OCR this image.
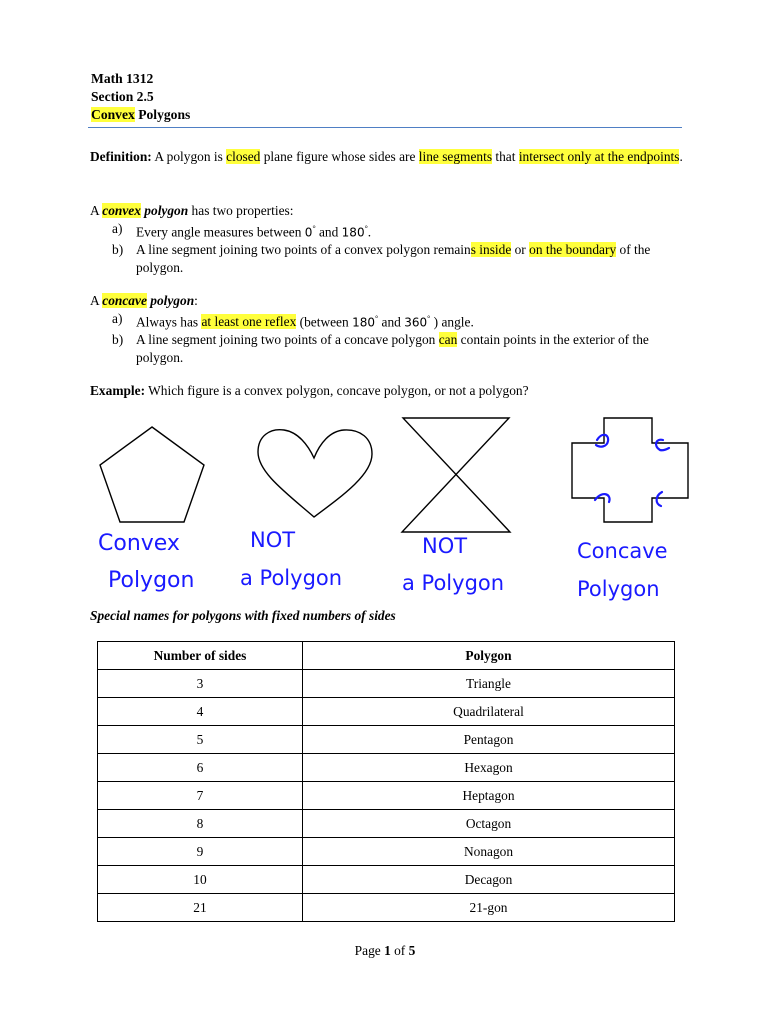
Math 1312
Section 2.5
Convex Polygons

Definition: A polygon is closed plane figure whose sides are line segments that intersect only at the endpoints.

A convex polygon has two properties:

a) Every angle measures between 0° and 180°.
b) A line segment joining two points of a convex polygon remains inside or on the boundary of the polygon.

A concave polygon:

a) Always has at least one reflex (between 180° and 360° ) angle.
b) A line segment joining two points of a concave polygon can contain points in the exterior of the polygon.

Example: Which figure is a convex polygon, concave polygon, or not a polygon?

Convex
Polygon
NOT
a Polygon
NOT
a Polygon
Concave
Polygon

Special names for polygons with fixed numbers of sides

Number of sides	Polygon
3	Triangle
4	Quadrilateral
5	Pentagon
6	Hexagon
7	Heptagon
8	Octagon
9	Nonagon
10	Decagon
21	21-gon
Page 1 of 5
